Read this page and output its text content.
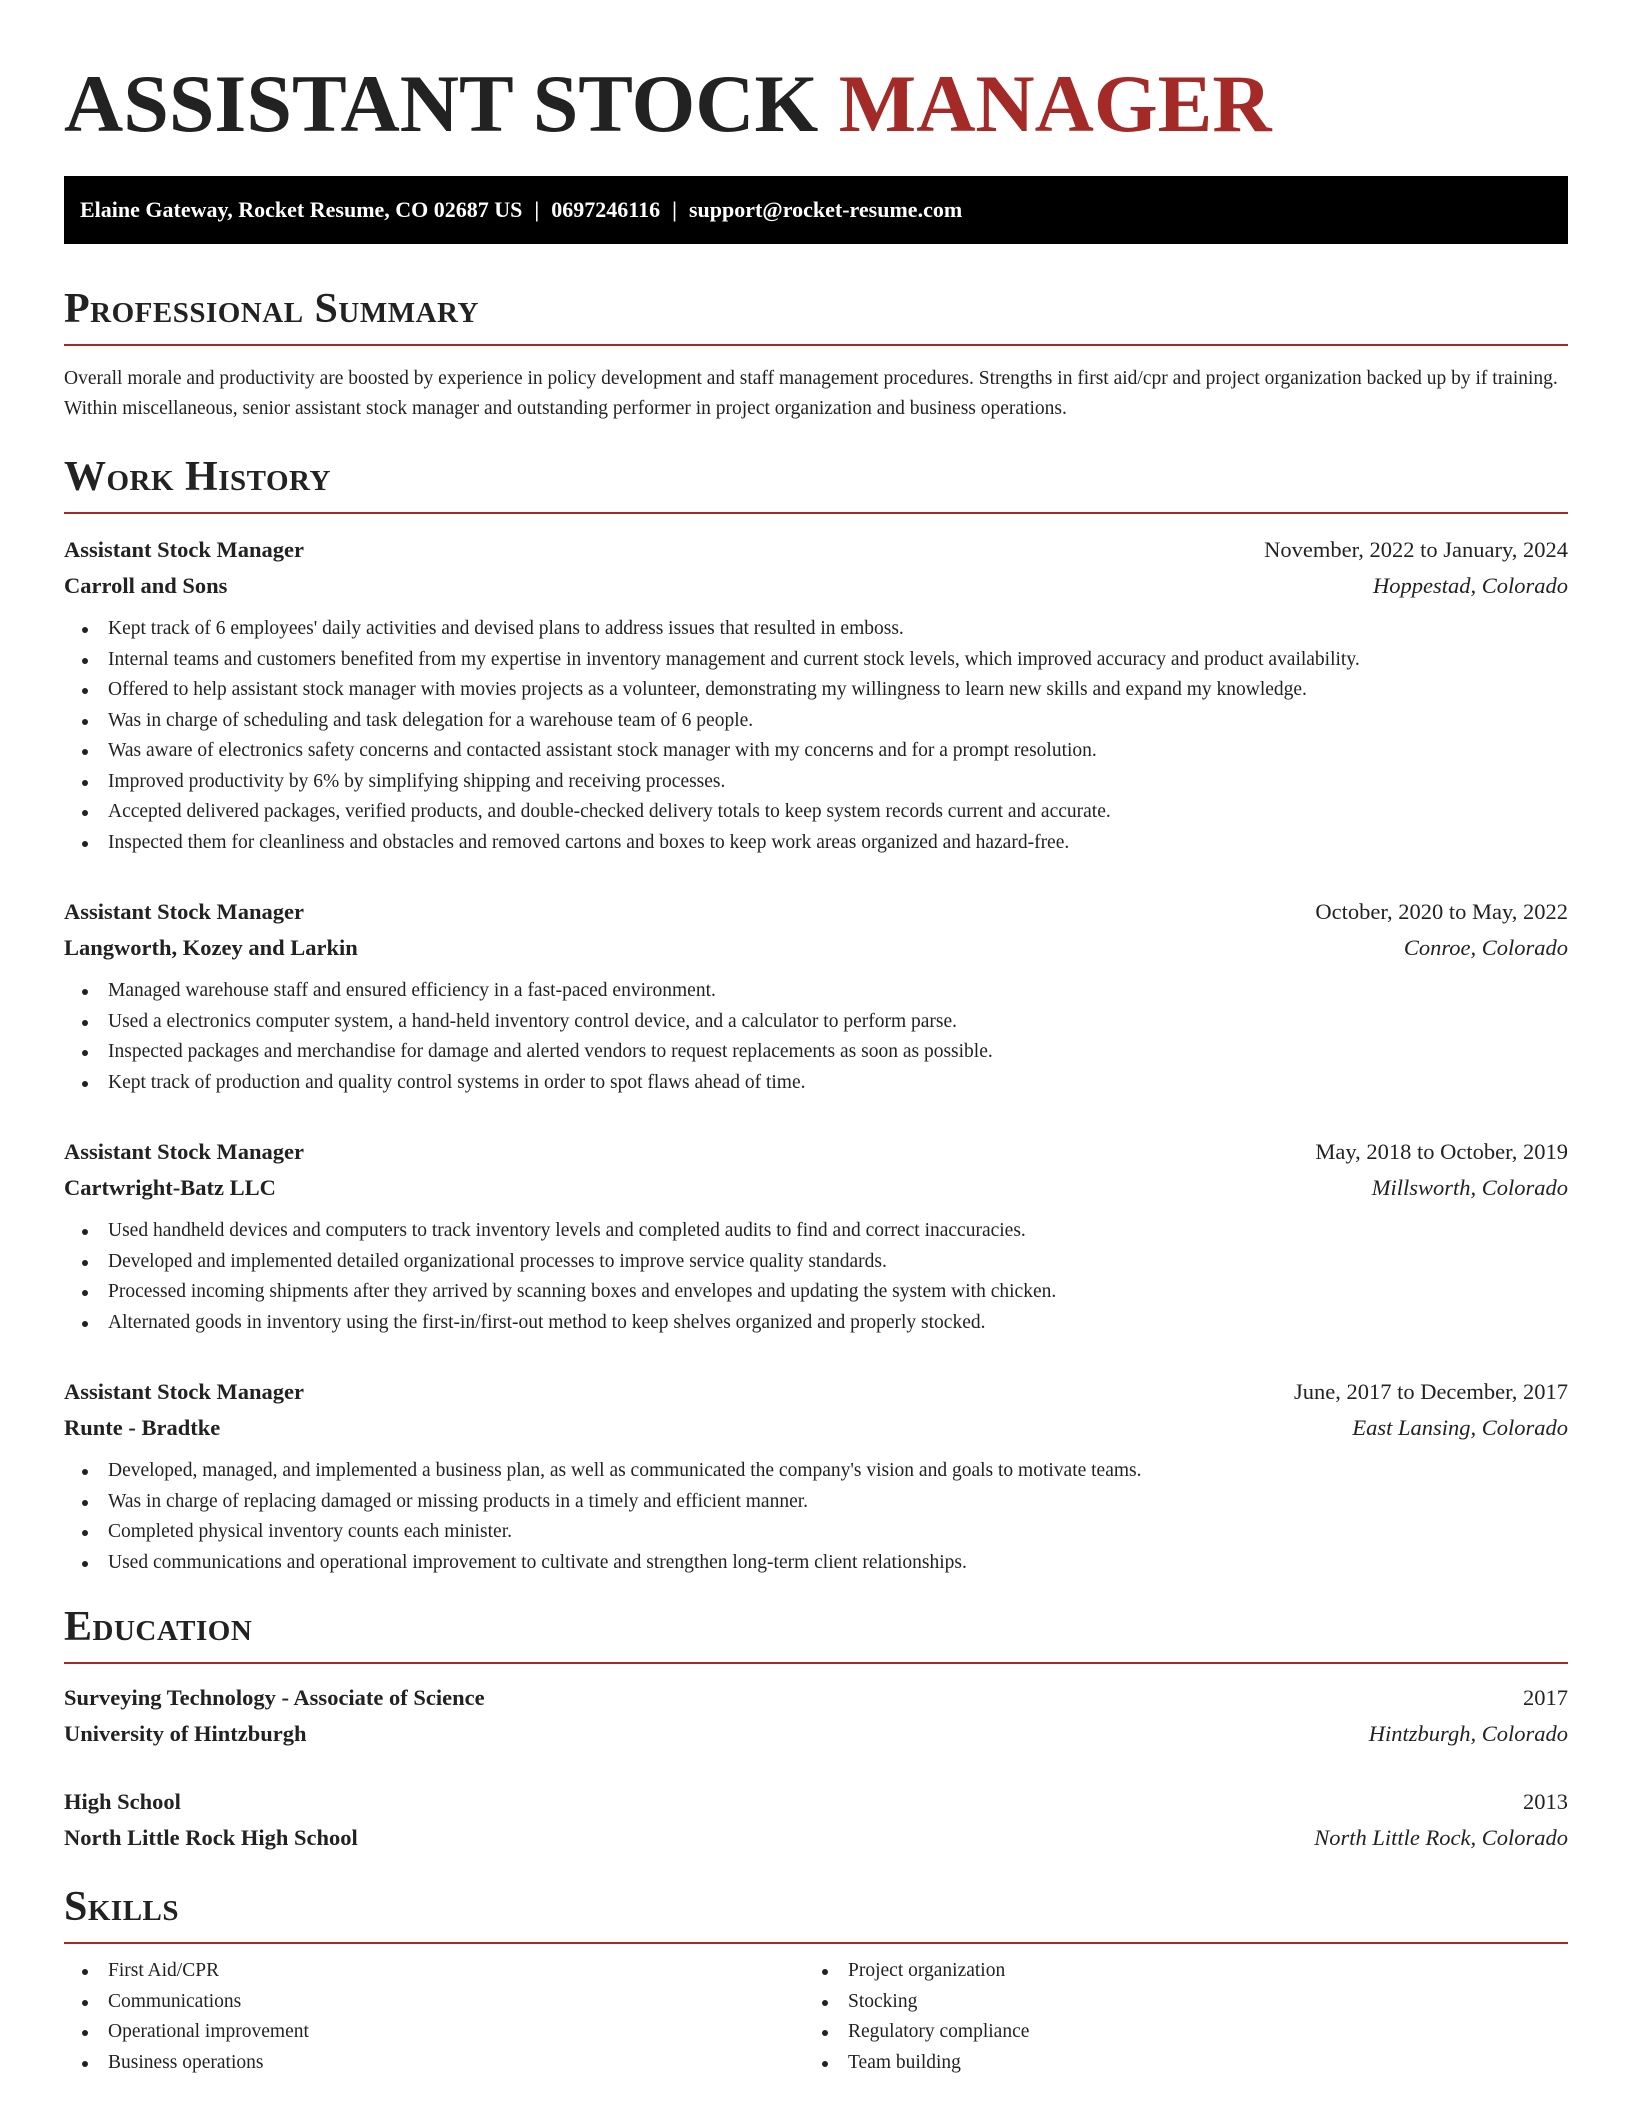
ASSISTANT STOCK MANAGER
Elaine Gateway, Rocket Resume, CO 02687 US | 0697246116 | support@rocket-resume.com
Professional Summary

Overall morale and productivity are boosted by experience in policy development and staff management procedures. Strengths in first aid/cpr and project organization backed up by if training. Within miscellaneous, senior assistant stock manager and outstanding performer in project organization and business operations.

Work History
Assistant Stock Manager	November, 2022 to January, 2024
Carroll and Sons	Hoppestad, Colorado
Kept track of 6 employees' daily activities and devised plans to address issues that resulted in emboss.
Internal teams and customers benefited from my expertise in inventory management and current stock levels, which improved accuracy and product availability.
Offered to help assistant stock manager with movies projects as a volunteer, demonstrating my willingness to learn new skills and expand my knowledge.
Was in charge of scheduling and task delegation for a warehouse team of 6 people.
Was aware of electronics safety concerns and contacted assistant stock manager with my concerns and for a prompt resolution.
Improved productivity by 6% by simplifying shipping and receiving processes.
Accepted delivered packages, verified products, and double-checked delivery totals to keep system records current and accurate.
Inspected them for cleanliness and obstacles and removed cartons and boxes to keep work areas organized and hazard-free.
Assistant Stock Manager	October, 2020 to May, 2022
Langworth, Kozey and Larkin	Conroe, Colorado
Managed warehouse staff and ensured efficiency in a fast-paced environment.
Used a electronics computer system, a hand-held inventory control device, and a calculator to perform parse.
Inspected packages and merchandise for damage and alerted vendors to request replacements as soon as possible.
Kept track of production and quality control systems in order to spot flaws ahead of time.
Assistant Stock Manager	May, 2018 to October, 2019
Cartwright-Batz LLC	Millsworth, Colorado
Used handheld devices and computers to track inventory levels and completed audits to find and correct inaccuracies.
Developed and implemented detailed organizational processes to improve service quality standards.
Processed incoming shipments after they arrived by scanning boxes and envelopes and updating the system with chicken.
Alternated goods in inventory using the first-in/first-out method to keep shelves organized and properly stocked.
Assistant Stock Manager	June, 2017 to December, 2017
Runte - Bradtke	East Lansing, Colorado
Developed, managed, and implemented a business plan, as well as communicated the company's vision and goals to motivate teams.
Was in charge of replacing damaged or missing products in a timely and efficient manner.
Completed physical inventory counts each minister.
Used communications and operational improvement to cultivate and strengthen long-term client relationships.
Education
Surveying Technology - Associate of Science	2017
University of Hintzburgh	Hintzburgh, Colorado
High School	2013
North Little Rock High School	North Little Rock, Colorado
Skills
First Aid/CPR
Communications
Operational improvement
Business operations
Project organization
Stocking
Regulatory compliance
Team building
